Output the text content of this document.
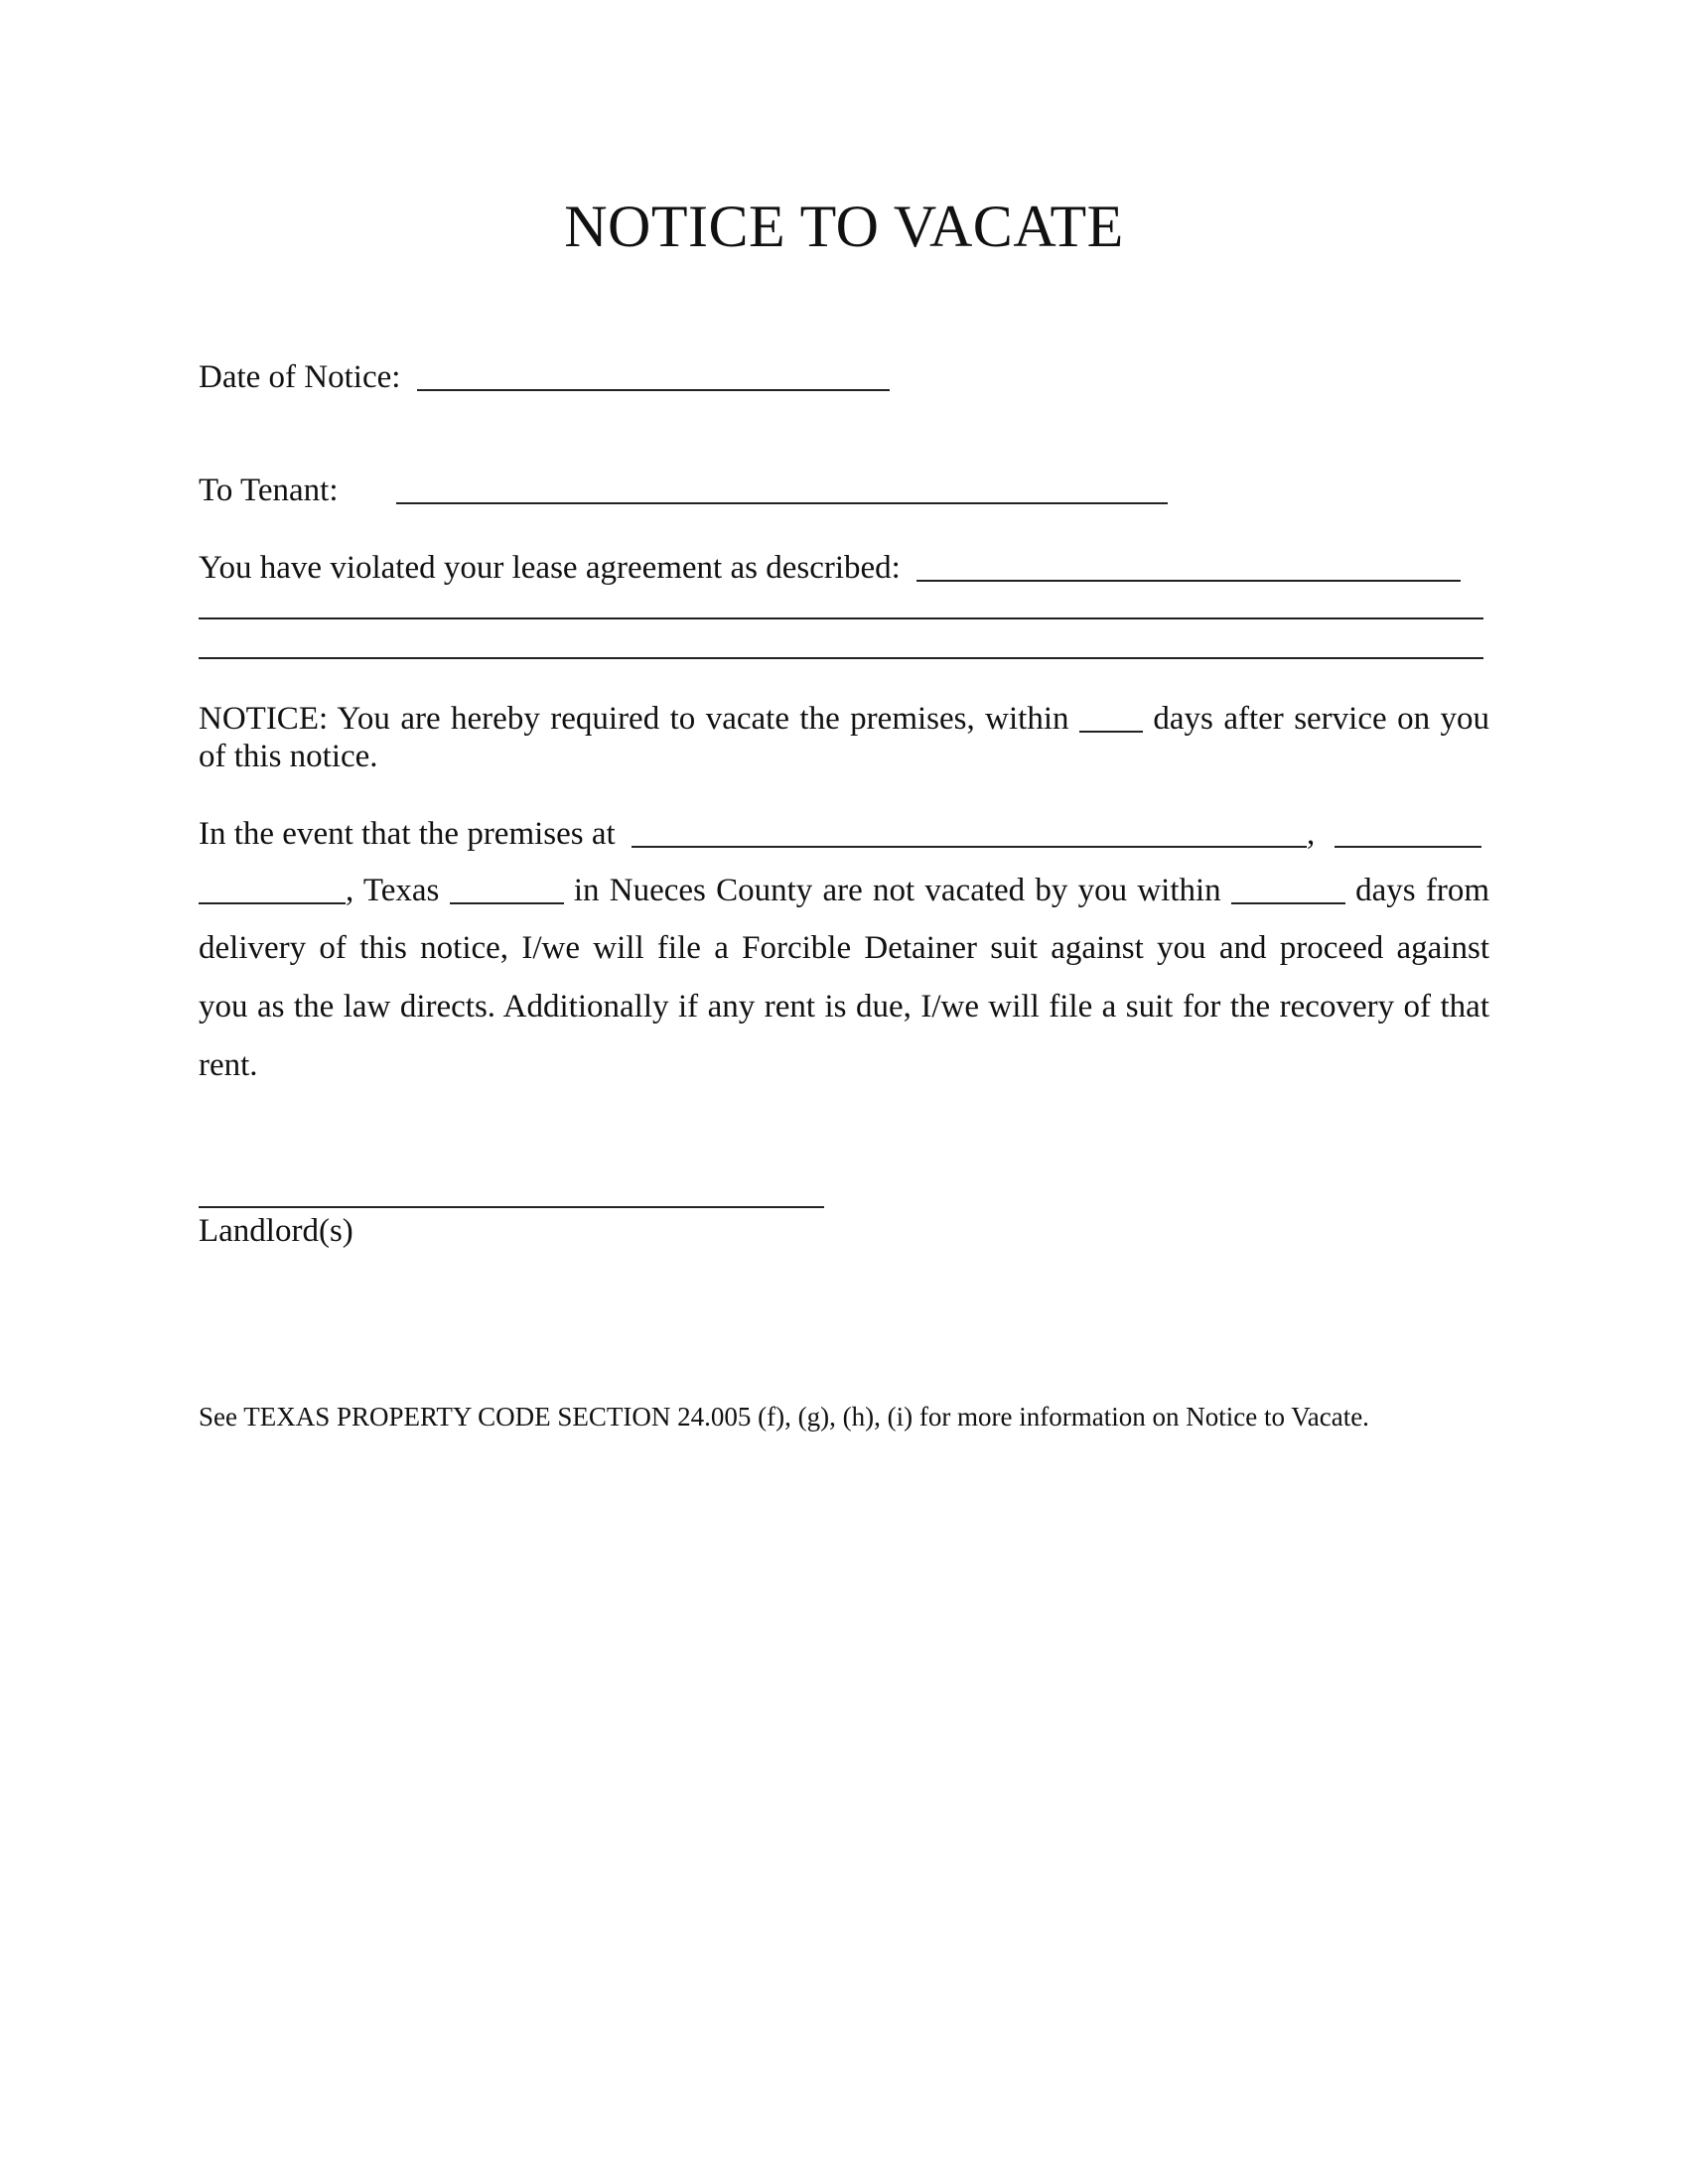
NOTICE TO VACATE
Date of Notice:
To Tenant:
You have violated your lease agreement as described:
NOTICE: You are hereby required to vacate the premises, within	days after service on you
of this notice.
In the event that the premises at	,
, Texas	in Nueces County are not vacated by you within	days from
delivery of this notice, I/we will file a Forcible Detainer suit against you and proceed against
you as the law directs. Additionally if any rent is due, I/we will file a suit for the recovery of that
rent.
Landlord(s)
See TEXAS PROPERTY CODE SECTION 24.005 (f), (g), (h), (i) for more information on Notice to Vacate.
